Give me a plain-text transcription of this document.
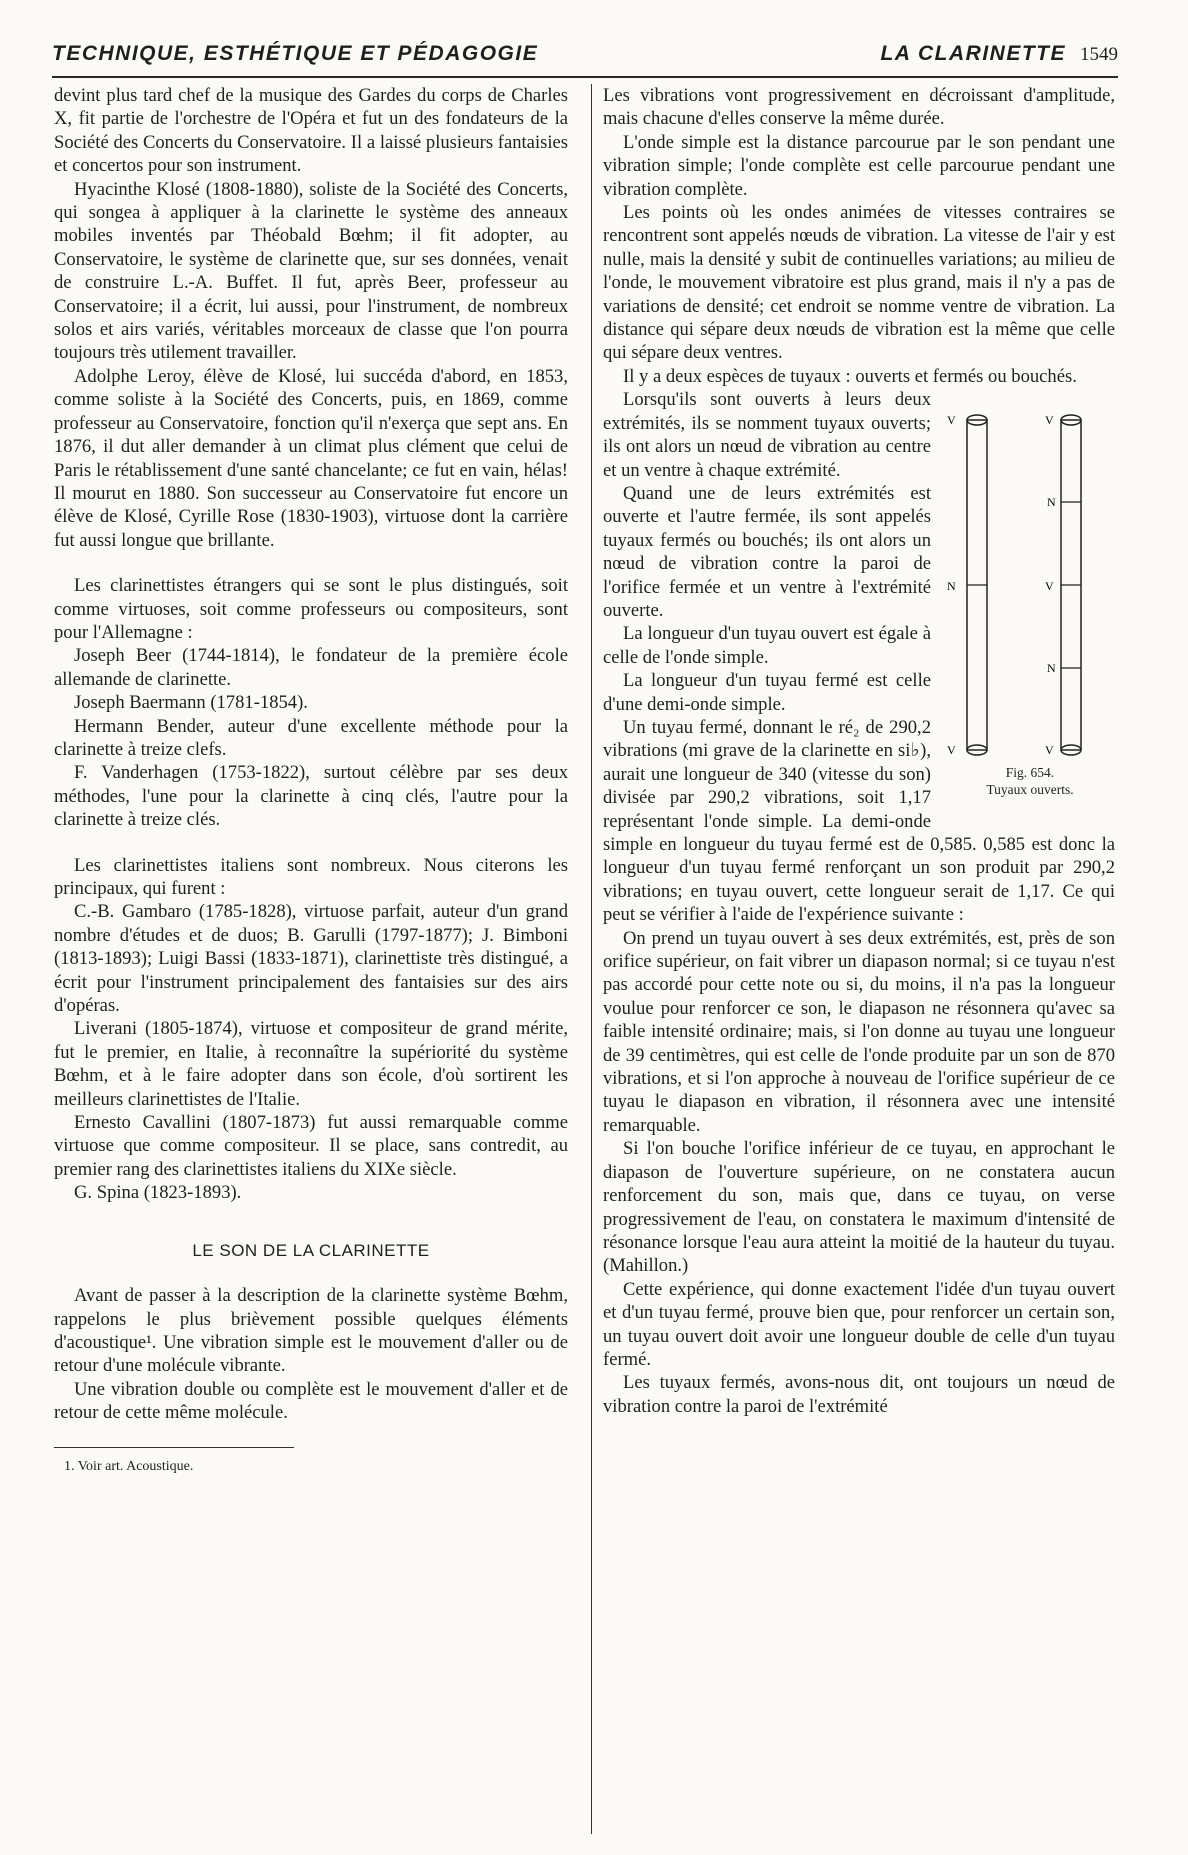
TECHNIQUE, ESTHÉTIQUE ET PÉDAGOGIE	LA CLARINETTE 1549

devint plus tard chef de la musique des Gardes du corps de Charles X, fit partie de l'orchestre de l'Opéra et fut un des fondateurs de la Société des Concerts du Conservatoire. Il a laissé plusieurs fantaisies et concertos pour son instrument.

Hyacinthe Klosé (1808-1880), soliste de la Société des Concerts, qui songea à appliquer à la clarinette le système des anneaux mobiles inventés par Théobald Bœhm; il fit adopter, au Conservatoire, le système de clarinette que, sur ses données, venait de construire L.-A. Buffet. Il fut, après Beer, professeur au Conservatoire; il a écrit, lui aussi, pour l'instrument, de nombreux solos et airs variés, véritables morceaux de classe que l'on pourra toujours très utilement travailler.

Adolphe Leroy, élève de Klosé, lui succéda d'abord, en 1853, comme soliste à la Société des Concerts, puis, en 1869, comme professeur au Conservatoire, fonction qu'il n'exerça que sept ans. En 1876, il dut aller demander à un climat plus clément que celui de Paris le rétablissement d'une santé chancelante; ce fut en vain, hélas! Il mourut en 1880. Son successeur au Conservatoire fut encore un élève de Klosé, Cyrille Rose (1830-1903), virtuose dont la carrière fut aussi longue que brillante.

Les clarinettistes étrangers qui se sont le plus distingués, soit comme virtuoses, soit comme professeurs ou compositeurs, sont pour l'Allemagne :

Joseph Beer (1744-1814), le fondateur de la première école allemande de clarinette.

Joseph Baermann (1781-1854).

Hermann Bender, auteur d'une excellente méthode pour la clarinette à treize clefs.

F. Vanderhagen (1753-1822), surtout célèbre par ses deux méthodes, l'une pour la clarinette à cinq clés, l'autre pour la clarinette à treize clés.

Les clarinettistes italiens sont nombreux. Nous citerons les principaux, qui furent :

C.-B. Gambaro (1785-1828), virtuose parfait, auteur d'un grand nombre d'études et de duos; B. Garulli (1797-1877); J. Bimboni (1813-1893); Luigi Bassi (1833-1871), clarinettiste très distingué, a écrit pour l'instrument principalement des fantaisies sur des airs d'opéras.

Liverani (1805-1874), virtuose et compositeur de grand mérite, fut le premier, en Italie, à reconnaître la supériorité du système Bœhm, et à le faire adopter dans son école, d'où sortirent les meilleurs clarinettistes de l'Italie.

Ernesto Cavallini (1807-1873) fut aussi remarquable comme virtuose que comme compositeur. Il se place, sans contredit, au premier rang des clarinettistes italiens du XIXe siècle.

G. Spina (1823-1893).

LE SON DE LA CLARINETTE

Avant de passer à la description de la clarinette système Bœhm, rappelons le plus brièvement possible quelques éléments d'acoustique¹. Une vibration simple est le mouvement d'aller ou de retour d'une molécule vibrante.

Une vibration double ou complète est le mouvement d'aller et de retour de cette même molécule.

1. Voir art. Acoustique.

Les vibrations vont progressivement en décroissant d'amplitude, mais chacune d'elles conserve la même durée.

L'onde simple est la distance parcourue par le son pendant une vibration simple; l'onde complète est celle parcourue pendant une vibration complète.

Les points où les ondes animées de vitesses contraires se rencontrent sont appelés nœuds de vibration. La vitesse de l'air y est nulle, mais la densité y subit de continuelles variations; au milieu de l'onde, le mouvement vibratoire est plus grand, mais il n'y a pas de variations de densité; cet endroit se nomme ventre de vibration. La distance qui sépare deux nœuds de vibration est la même que celle qui sépare deux ventres.

Il y a deux espèces de tuyaux : ouverts et fermés ou bouchés.

V
N
V
V
N
V
N
V
Fig. 654.
Tuyaux ouverts.

Lorsqu'ils sont ouverts à leurs deux extrémités, ils se nomment tuyaux ouverts; ils ont alors un nœud de vibration au centre et un ventre à chaque extrémité.

Quand une de leurs extrémités est ouverte et l'autre fermée, ils sont appelés tuyaux fermés ou bouchés; ils ont alors un nœud de vibration contre la paroi de l'orifice fermée et un ventre à l'extrémité ouverte.

La longueur d'un tuyau ouvert est égale à celle de l'onde simple.

La longueur d'un tuyau fermé est celle d'une demi-onde simple.

Un tuyau fermé, donnant le ré₂ de 290,2 vibrations (mi grave de la clarinette en si♭), aurait une longueur de 340 (vitesse du son) divisée par 290,2 vibrations, soit 1,17 représentant l'onde simple. La demi-onde simple en longueur du tuyau fermé est de 0,585. 0,585 est donc la longueur d'un tuyau fermé renforçant un son produit par 290,2 vibrations; en tuyau ouvert, cette longueur serait de 1,17. Ce qui peut se vérifier à l'aide de l'expérience suivante :

On prend un tuyau ouvert à ses deux extrémités, est, près de son orifice supérieur, on fait vibrer un diapason normal; si ce tuyau n'est pas accordé pour cette note ou si, du moins, il n'a pas la longueur voulue pour renforcer ce son, le diapason ne résonnera qu'avec sa faible intensité ordinaire; mais, si l'on donne au tuyau une longueur de 39 centimètres, qui est celle de l'onde produite par un son de 870 vibrations, et si l'on approche à nouveau de l'orifice supérieur de ce tuyau le diapason en vibration, il résonnera avec une intensité remarquable.

Si l'on bouche l'orifice inférieur de ce tuyau, en approchant le diapason de l'ouverture supérieure, on ne constatera aucun renforcement du son, mais que, dans ce tuyau, on verse progressivement de l'eau, on constatera le maximum d'intensité de résonance lorsque l'eau aura atteint la moitié de la hauteur du tuyau. (Mahillon.)

Cette expérience, qui donne exactement l'idée d'un tuyau ouvert et d'un tuyau fermé, prouve bien que, pour renforcer un certain son, un tuyau ouvert doit avoir une longueur double de celle d'un tuyau fermé.

Les tuyaux fermés, avons-nous dit, ont toujours un nœud de vibration contre la paroi de l'extrémité
